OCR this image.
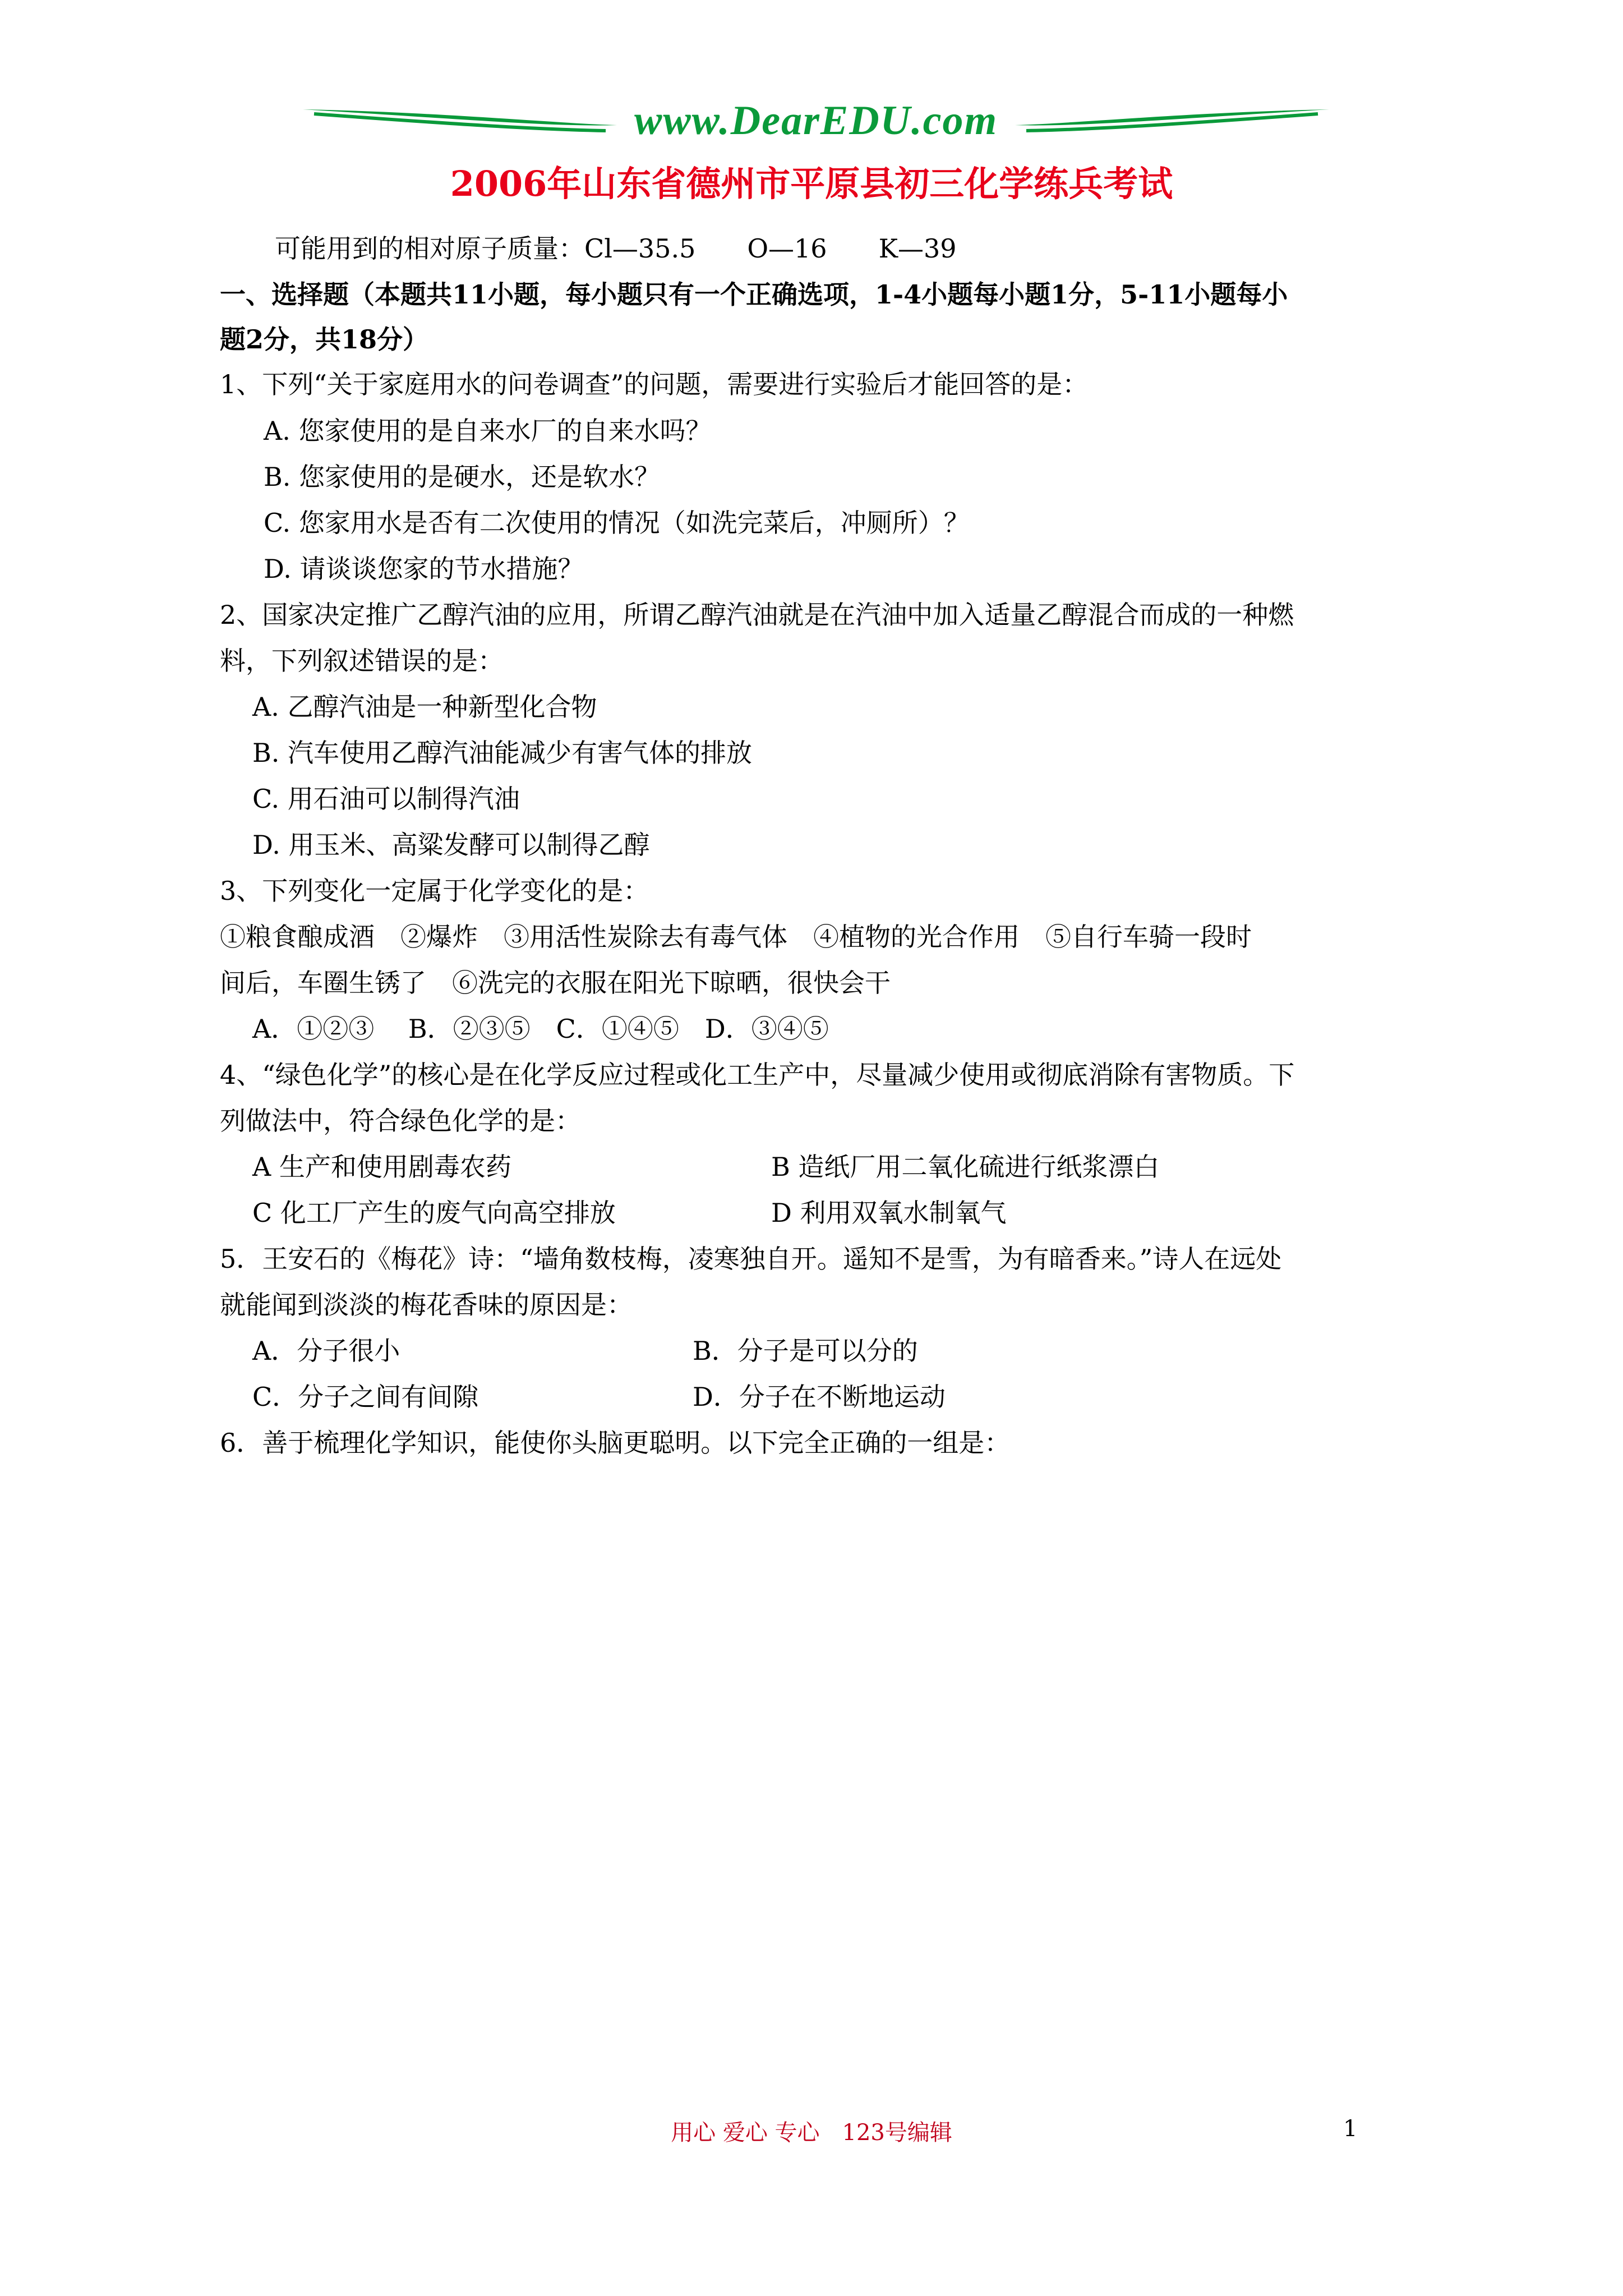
www.DearEDU.com
2006年山东省德州市平原县初三化学练兵考试
可能用到的相对原子质量：Cl—35.5　　O—16　　K—39
一、选择题（本题共11小题，每小题只有一个正确选项，1-4小题每小题1分，5-11小题每小
题2分，共18分）
1、下列“关于家庭用水的问卷调查”的问题，需要进行实验后才能回答的是：
A. 您家使用的是自来水厂的自来水吗？
B. 您家使用的是硬水，还是软水？
C. 您家用水是否有二次使用的情况（如洗完菜后，冲厕所）？
D. 请谈谈您家的节水措施？
2、国家决定推广乙醇汽油的应用，所谓乙醇汽油就是在汽油中加入适量乙醇混合而成的一种燃
料，下列叙述错误的是：
A. 乙醇汽油是一种新型化合物
B. 汽车使用乙醇汽油能减少有害气体的排放
C. 用石油可以制得汽油
D. 用玉米、高粱发酵可以制得乙醇
3、下列变化一定属于化学变化的是：
①粮食酿成酒　②爆炸　③用活性炭除去有毒气体　④植物的光合作用　⑤自行车骑一段时
间后，车圈生锈了　⑥洗完的衣服在阳光下晾晒，很快会干
A．①②③　 B．②③⑤　C．①④⑤　D．③④⑤
4、“绿色化学”的核心是在化学反应过程或化工生产中，尽量减少使用或彻底消除有害物质。下
列做法中，符合绿色化学的是：
A 生产和使用剧毒农药	B 造纸厂用二氧化硫进行纸浆漂白
C 化工厂产生的废气向高空排放	D 利用双氧水制氧气
5．王安石的《梅花》诗：“墙角数枝梅，凌寒独自开。遥知不是雪，为有暗香来。”诗人在远处
就能闻到淡淡的梅花香味的原因是：
A．分子很小	B．分子是可以分的
C．分子之间有间隙	D．分子在不断地运动
6．善于梳理化学知识，能使你头脑更聪明。以下完全正确的一组是：
用心 爱心 专心　123号编辑	1
